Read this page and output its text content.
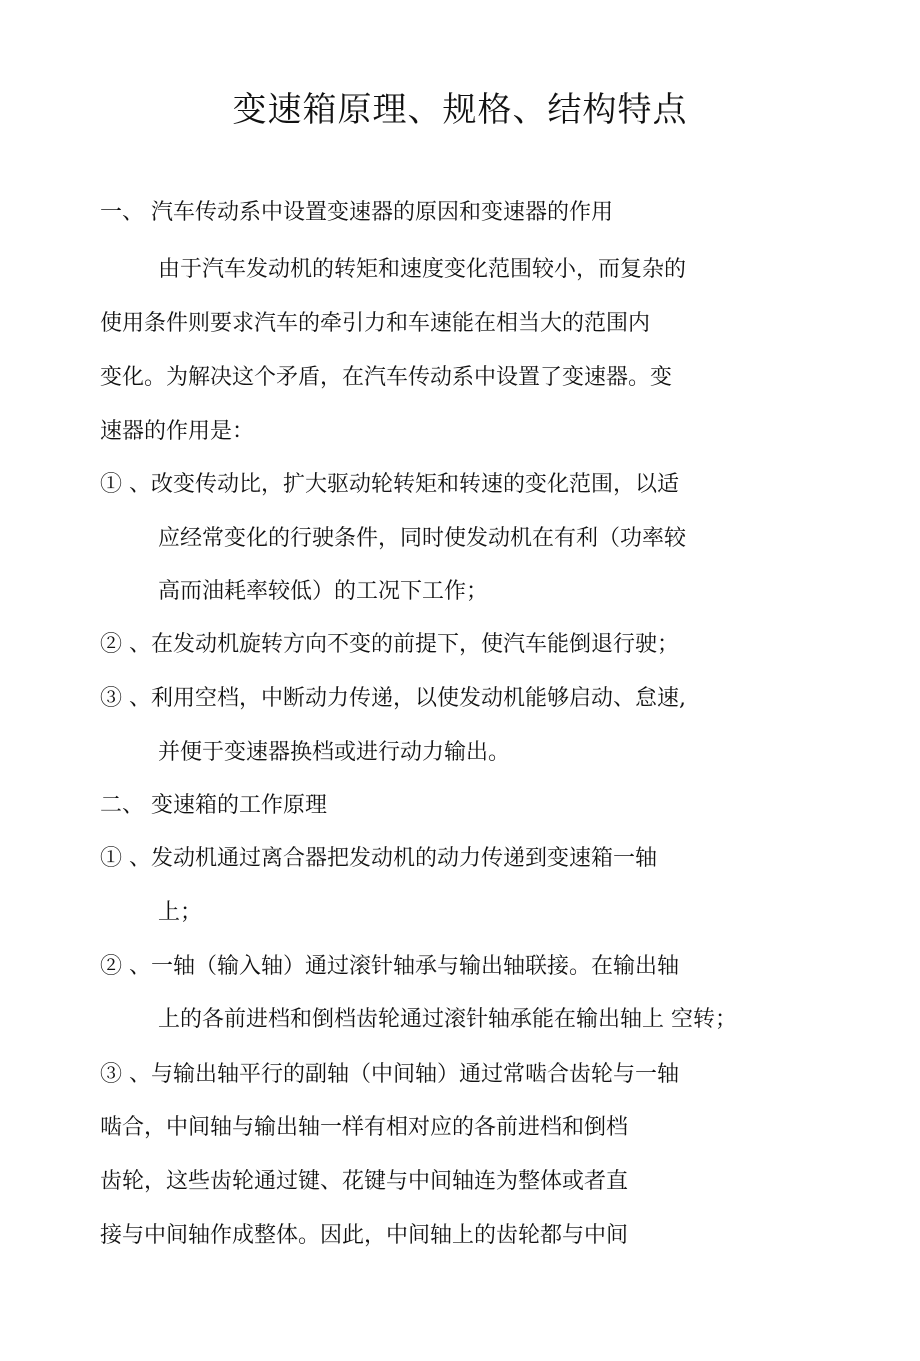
变速箱原理、规格、结构特点
一、 汽车传动系中设置变速器的原因和变速器的作用
由于汽车发动机的转矩和速度变化范围较小，而复杂的
使用条件则要求汽车的牵引力和车速能在相当大的范围内
变化。为解决这个矛盾，在汽车传动系中设置了变速器。变
速器的作用是：
① 、改变传动比，扩大驱动轮转矩和转速的变化范围，以适
应经常变化的行驶条件，同时使发动机在有利（功率较
高而油耗率较低）的工况下工作；
② 、在发动机旋转方向不变的前提下，使汽车能倒退行驶；
③ 、利用空档，中断动力传递，以使发动机能够启动、怠速,
并便于变速器换档或进行动力输出。
二、 变速箱的工作原理
① 、发动机通过离合器把发动机的动力传递到变速箱一轴
上；
② 、一轴（输入轴）通过滚针轴承与输出轴联接。在输出轴
上的各前进档和倒档齿轮通过滚针轴承能在输出轴上 空转；
③ 、与输出轴平行的副轴（中间轴）通过常啮合齿轮与一轴
啮合，中间轴与输出轴一样有相对应的各前进档和倒档
齿轮，这些齿轮通过键、花键与中间轴连为整体或者直
接与中间轴作成整体。因此，中间轴上的齿轮都与中间
